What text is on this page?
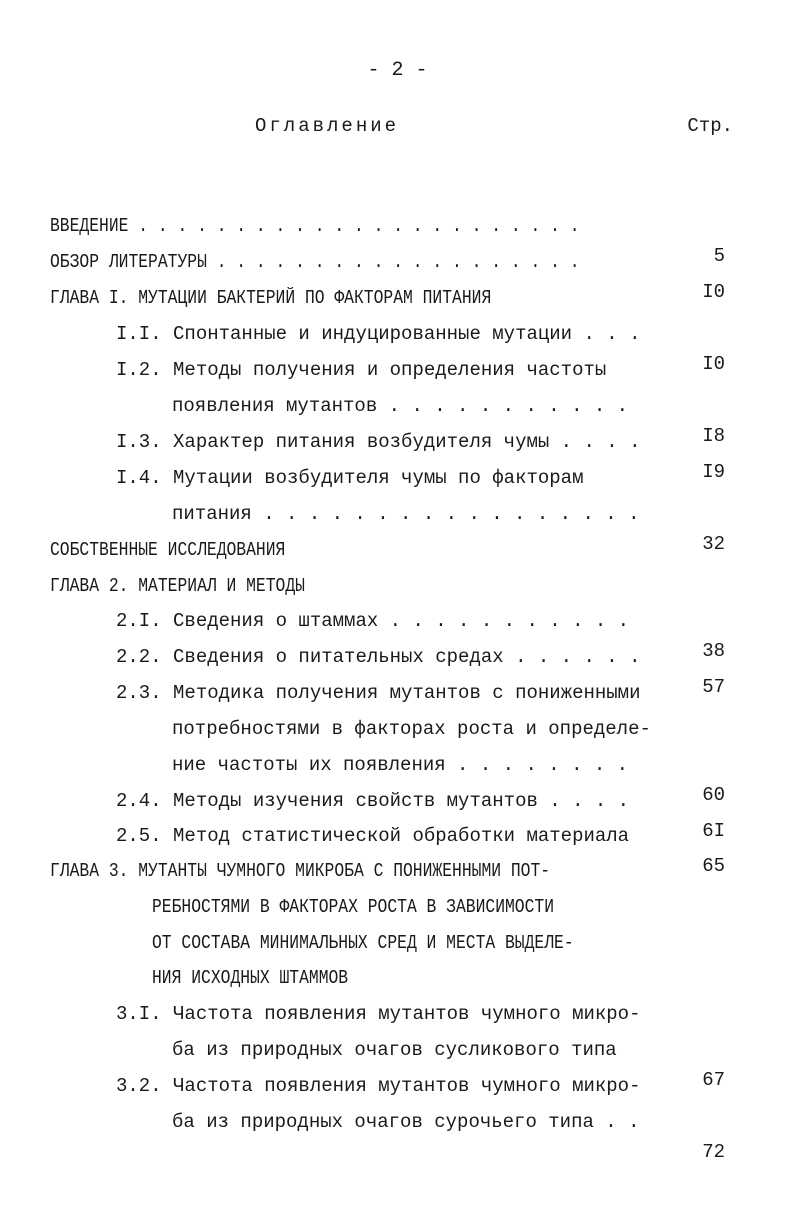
- 2 -
Оглавление	Стр.

ВВЕДЕНИЕ . . . . . . . . . . . . . . . . . . . . . . .

5

ОБЗОР ЛИТЕРАТУРЫ . . . . . . . . . . . . . . . . . . .

I0

ГЛАВА I. МУТАЦИИ БАКТЕРИЙ ПО ФАКТОРАМ ПИТАНИЯ

I.I. Спонтанные и индуцированные мутации . . .

I0

I.2. Методы получения и определения частоты

появления мутантов . . . . . . . . . . .

I8

I.3. Характер питания возбудителя чумы . . . .

I9

I.4. Мутации возбудителя чумы по факторам

питания . . . . . . . . . . . . . . . . .

32

СОБСТВЕННЫЕ ИССЛЕДОВАНИЯ

ГЛАВА 2. МАТЕРИАЛ И МЕТОДЫ

2.I. Сведения о штаммах . . . . . . . . . . .

38

2.2. Сведения о питательных средах . . . . . .

57

2.3. Методика получения мутантов с пониженными

потребностями в факторах роста и определе-

ние частоты их появления . . . . . . . .

60

2.4. Методы изучения свойств мутантов . . . .

6I

2.5. Метод статистической обработки материала

65

ГЛАВА 3. МУТАНТЫ ЧУМНОГО МИКРОБА С ПОНИЖЕННЫМИ ПОТ-

РЕБНОСТЯМИ В ФАКТОРАХ РОСТА В ЗАВИСИМОСТИ

ОТ СОСТАВА МИНИМАЛЬНЫХ СРЕД И МЕСТА ВЫДЕЛЕ-

НИЯ ИСХОДНЫХ ШТАММОВ

3.I. Частота появления мутантов чумного микро-

ба из природных очагов сусликового типа

67

3.2. Частота появления мутантов чумного микро-

ба из природных очагов сурочьего типа . .

72
